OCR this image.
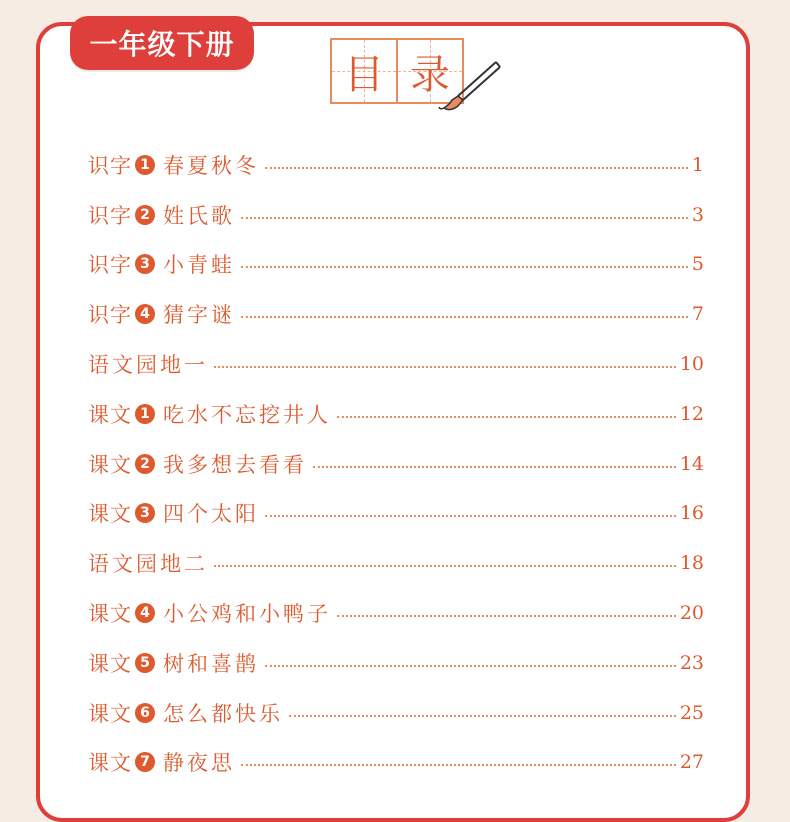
一年级下册
目 录
识字 1 春夏秋冬	1
识字 2 姓氏歌	3
识字 3 小青蛙	5
识字 4 猜字谜	7
语文园地一	10
课文 1 吃水不忘挖井人	12
课文 2 我多想去看看	14
课文 3 四个太阳	16
语文园地二	18
课文 4 小公鸡和小鸭子	20
课文 5 树和喜鹊	23
课文 6 怎么都快乐	25
课文 7 静夜思	27
